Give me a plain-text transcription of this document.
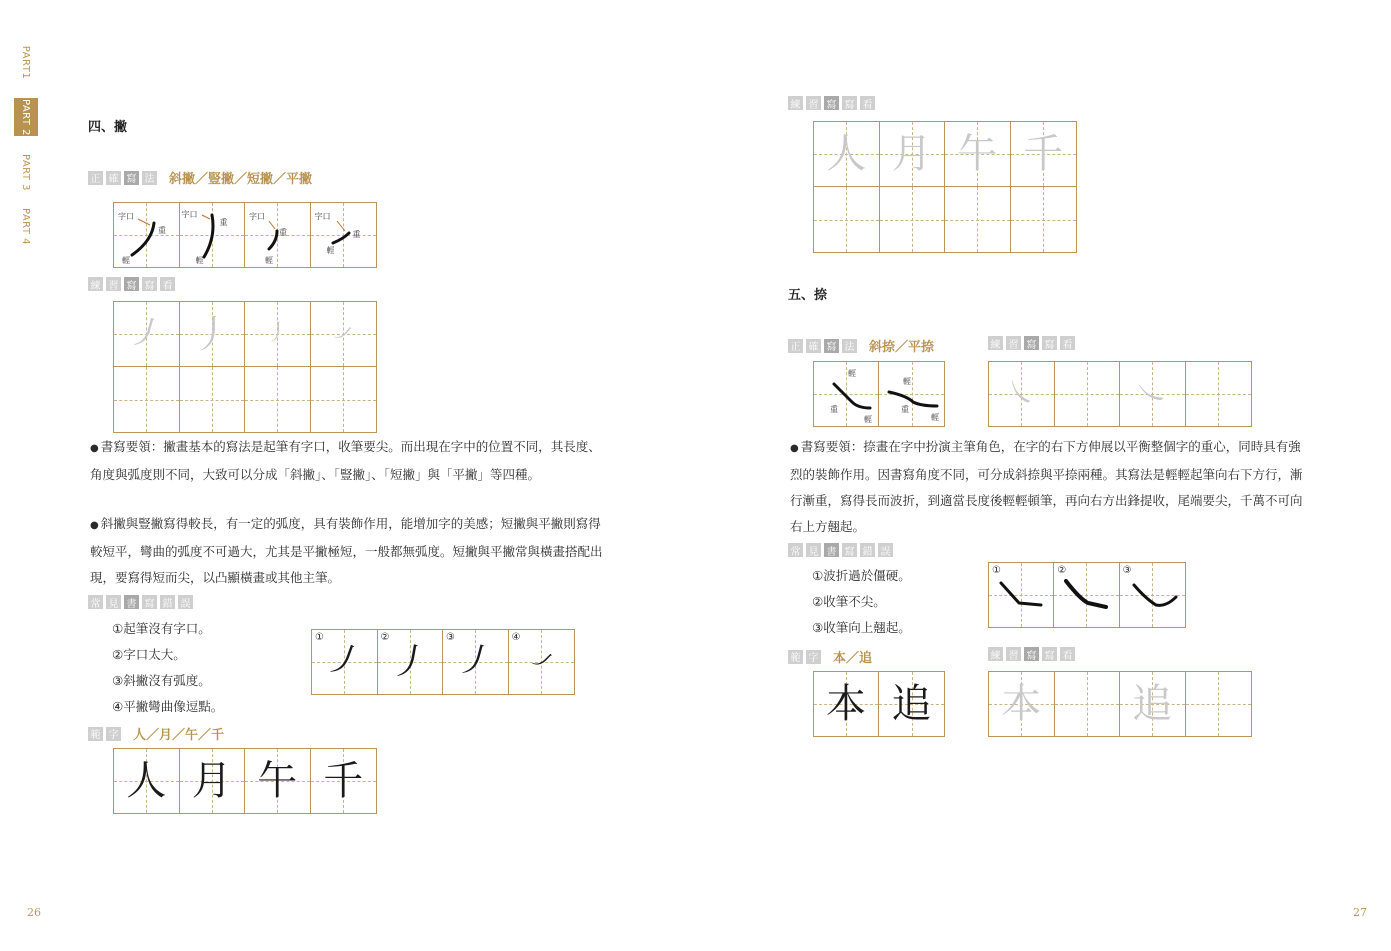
PART1
PART 2
PART 3
PART 4
四、撇
正 確 寫 法 斜撇／豎撇／短撇／平撇
字口
重
輕
字口
重
輕
字口
重
輕
字口
重
輕
練 習 寫 寫 看
丿 丿	丿	丿
● 書寫要領：撇畫基本的寫法是起筆有字口，收筆要尖。而出現在字中的位置不同，其長度、角度與弧度則不同，大致可以分成「斜撇」、「豎撇」、「短撇」與「平撇」等四種。
● 斜撇與豎撇寫得較長，有一定的弧度，具有裝飾作用，能增加字的美感；短撇與平撇則寫得較短平，彎曲的弧度不可過大，尤其是平撇極短，一般都無弧度。短撇與平撇常與橫畫搭配出現，要寫得短而尖，以凸顯橫畫或其他主筆。
常 見 書 寫 錯 誤
①起筆沒有字口。
②字口太大。
③斜撇沒有弧度。
④平撇彎曲像逗點。
①
丿	②
丿	③
丿	④
丿
範 字 人／月／午／千
人 月 午 千
26
練 習 寫 寫 看
人 月 午 千
五、捺
正 確 寫 法 斜捺／平捺
輕
重
輕
輕
重
輕
練 習 寫 寫 看
㇏	㇏
● 書寫要領：捺畫在字中扮演主筆角色，在字的右下方伸展以平衡整個字的重心，同時具有強烈的裝飾作用。因書寫角度不同，可分成斜捺與平捺兩種。其寫法是輕輕起筆向右下方行，漸行漸重，寫得長而波折，到適當長度後輕輕頓筆，再向右方出鋒提收，尾端要尖，千萬不可向右上方翹起。
常 見 書 寫 錯 誤
①波折過於僵硬。
②收筆不尖。
③收筆向上翹起。
①	②	③
範 字 本／追
本 追
練 習 寫 寫 看
本	追
27
